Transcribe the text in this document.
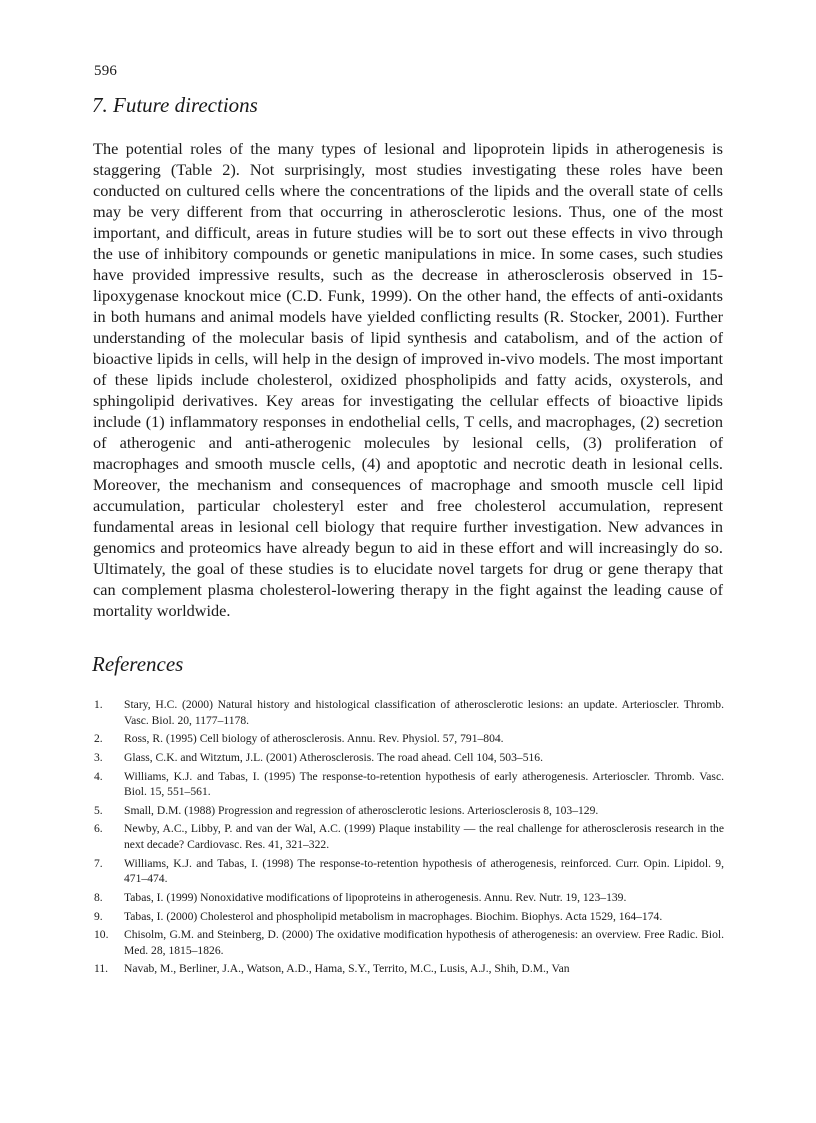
596
7. Future directions

The potential roles of the many types of lesional and lipoprotein lipids in atherogenesis is staggering (Table 2). Not surprisingly, most studies investigating these roles have been conducted on cultured cells where the concentrations of the lipids and the overall state of cells may be very different from that occurring in atherosclerotic lesions. Thus, one of the most important, and difficult, areas in future studies will be to sort out these effects in vivo through the use of inhibitory compounds or genetic manipulations in mice. In some cases, such studies have provided impressive results, such as the decrease in atherosclerosis observed in 15-lipoxygenase knockout mice (C.D. Funk, 1999). On the other hand, the effects of anti-oxidants in both humans and animal models have yielded conflicting results (R. Stocker, 2001). Further understanding of the molecular basis of lipid synthesis and catabolism, and of the action of bioactive lipids in cells, will help in the design of improved in-vivo models. The most important of these lipids include cholesterol, oxidized phospholipids and fatty acids, oxysterols, and sphingolipid derivatives. Key areas for investigating the cellular effects of bioactive lipids include (1) inflammatory responses in endothelial cells, T cells, and macrophages, (2) secretion of atherogenic and anti-atherogenic molecules by lesional cells, (3) proliferation of macrophages and smooth muscle cells, (4) and apoptotic and necrotic death in lesional cells. Moreover, the mechanism and consequences of macrophage and smooth muscle cell lipid accumulation, particular cholesteryl ester and free cholesterol accumulation, represent fundamental areas in lesional cell biology that require further investigation. New advances in genomics and proteomics have already begun to aid in these effort and will increasingly do so. Ultimately, the goal of these studies is to elucidate novel targets for drug or gene therapy that can complement plasma cholesterol-lowering therapy in the fight against the leading cause of mortality worldwide.

References
1.	Stary, H.C. (2000) Natural history and histological classification of atherosclerotic lesions: an update. Arterioscler. Thromb. Vasc. Biol. 20, 1177–1178.
2.	Ross, R. (1995) Cell biology of atherosclerosis. Annu. Rev. Physiol. 57, 791–804.
3.	Glass, C.K. and Witztum, J.L. (2001) Atherosclerosis. The road ahead. Cell 104, 503–516.
4.	Williams, K.J. and Tabas, I. (1995) The response-to-retention hypothesis of early atherogenesis. Arterioscler. Thromb. Vasc. Biol. 15, 551–561.
5.	Small, D.M. (1988) Progression and regression of atherosclerotic lesions. Arteriosclerosis 8, 103–129.
6.	Newby, A.C., Libby, P. and van der Wal, A.C. (1999) Plaque instability — the real challenge for atherosclerosis research in the next decade? Cardiovasc. Res. 41, 321–322.
7.	Williams, K.J. and Tabas, I. (1998) The response-to-retention hypothesis of atherogenesis, reinforced. Curr. Opin. Lipidol. 9, 471–474.
8.	Tabas, I. (1999) Nonoxidative modifications of lipoproteins in atherogenesis. Annu. Rev. Nutr. 19, 123–139.
9.	Tabas, I. (2000) Cholesterol and phospholipid metabolism in macrophages. Biochim. Biophys. Acta 1529, 164–174.
10.	Chisolm, G.M. and Steinberg, D. (2000) The oxidative modification hypothesis of atherogenesis: an overview. Free Radic. Biol. Med. 28, 1815–1826.
11.	Navab, M., Berliner, J.A., Watson, A.D., Hama, S.Y., Territo, M.C., Lusis, A.J., Shih, D.M., Van
